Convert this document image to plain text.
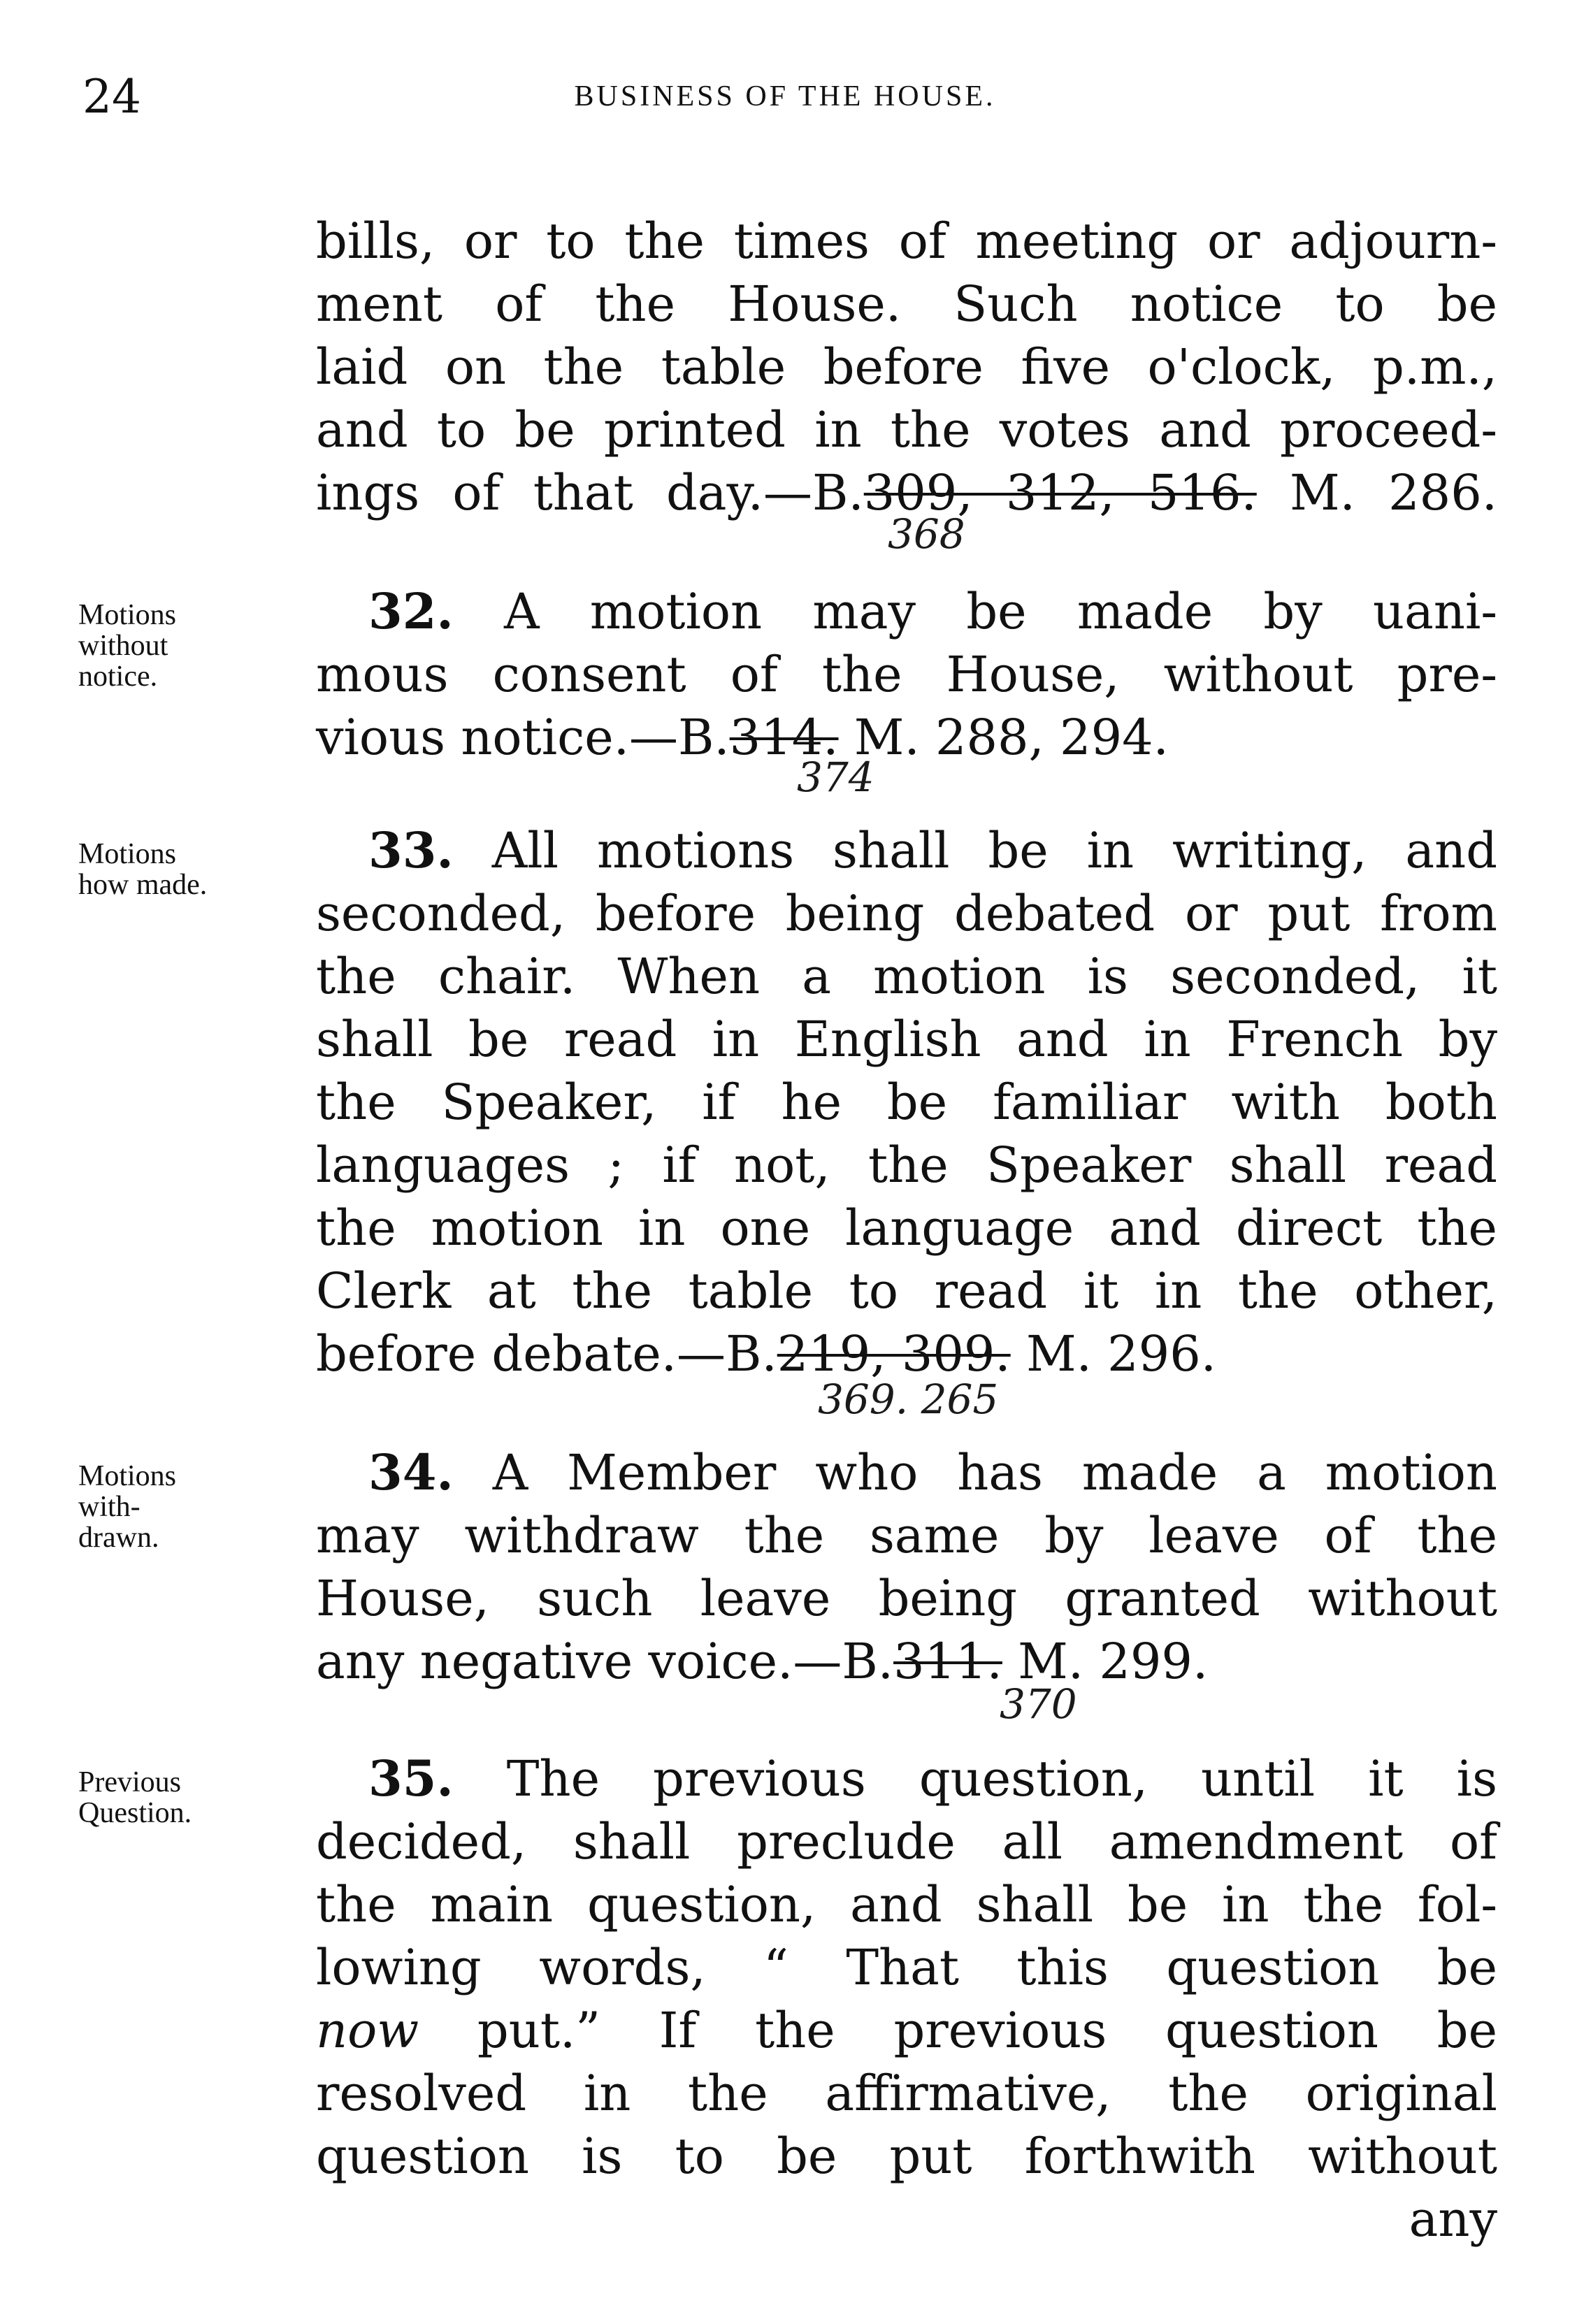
24	BUSINESS OF THE HOUSE.
bills, or to the times of meeting or adjourn-
ment of the House. Such notice to be
laid on the table before five o'clock, p.m.,
and to be printed in the votes and proceed-
ings of that day.—B.309, 312, 516. M. 286.
368
Motions
without
notice.
32. A motion may be made by uani-
mous consent of the House, without pre-
vious notice.—B.314. M. 288, 294.
374
Motions
how made.
33. All motions shall be in writing, and
seconded, before being debated or put from
the chair. When a motion is seconded, it
shall be read in English and in French by
the Speaker, if he be familiar with both
languages ; if not, the Speaker shall read
the motion in one language and direct the
Clerk at the table to read it in the other,
before debate.—B.219, 309. M. 296.
369. 265
Motions
with-
drawn.
34. A Member who has made a motion
may withdraw the same by leave of the
House, such leave being granted without
any negative voice.—B.311. M. 299.
370
Previous
Question.
35. The previous question, until it is
decided, shall preclude all amendment of
the main question, and shall be in the fol-
lowing words, “ That this question be
now put.” If the previous question be
resolved in the affirmative, the original
question is to be put forthwith without
any
